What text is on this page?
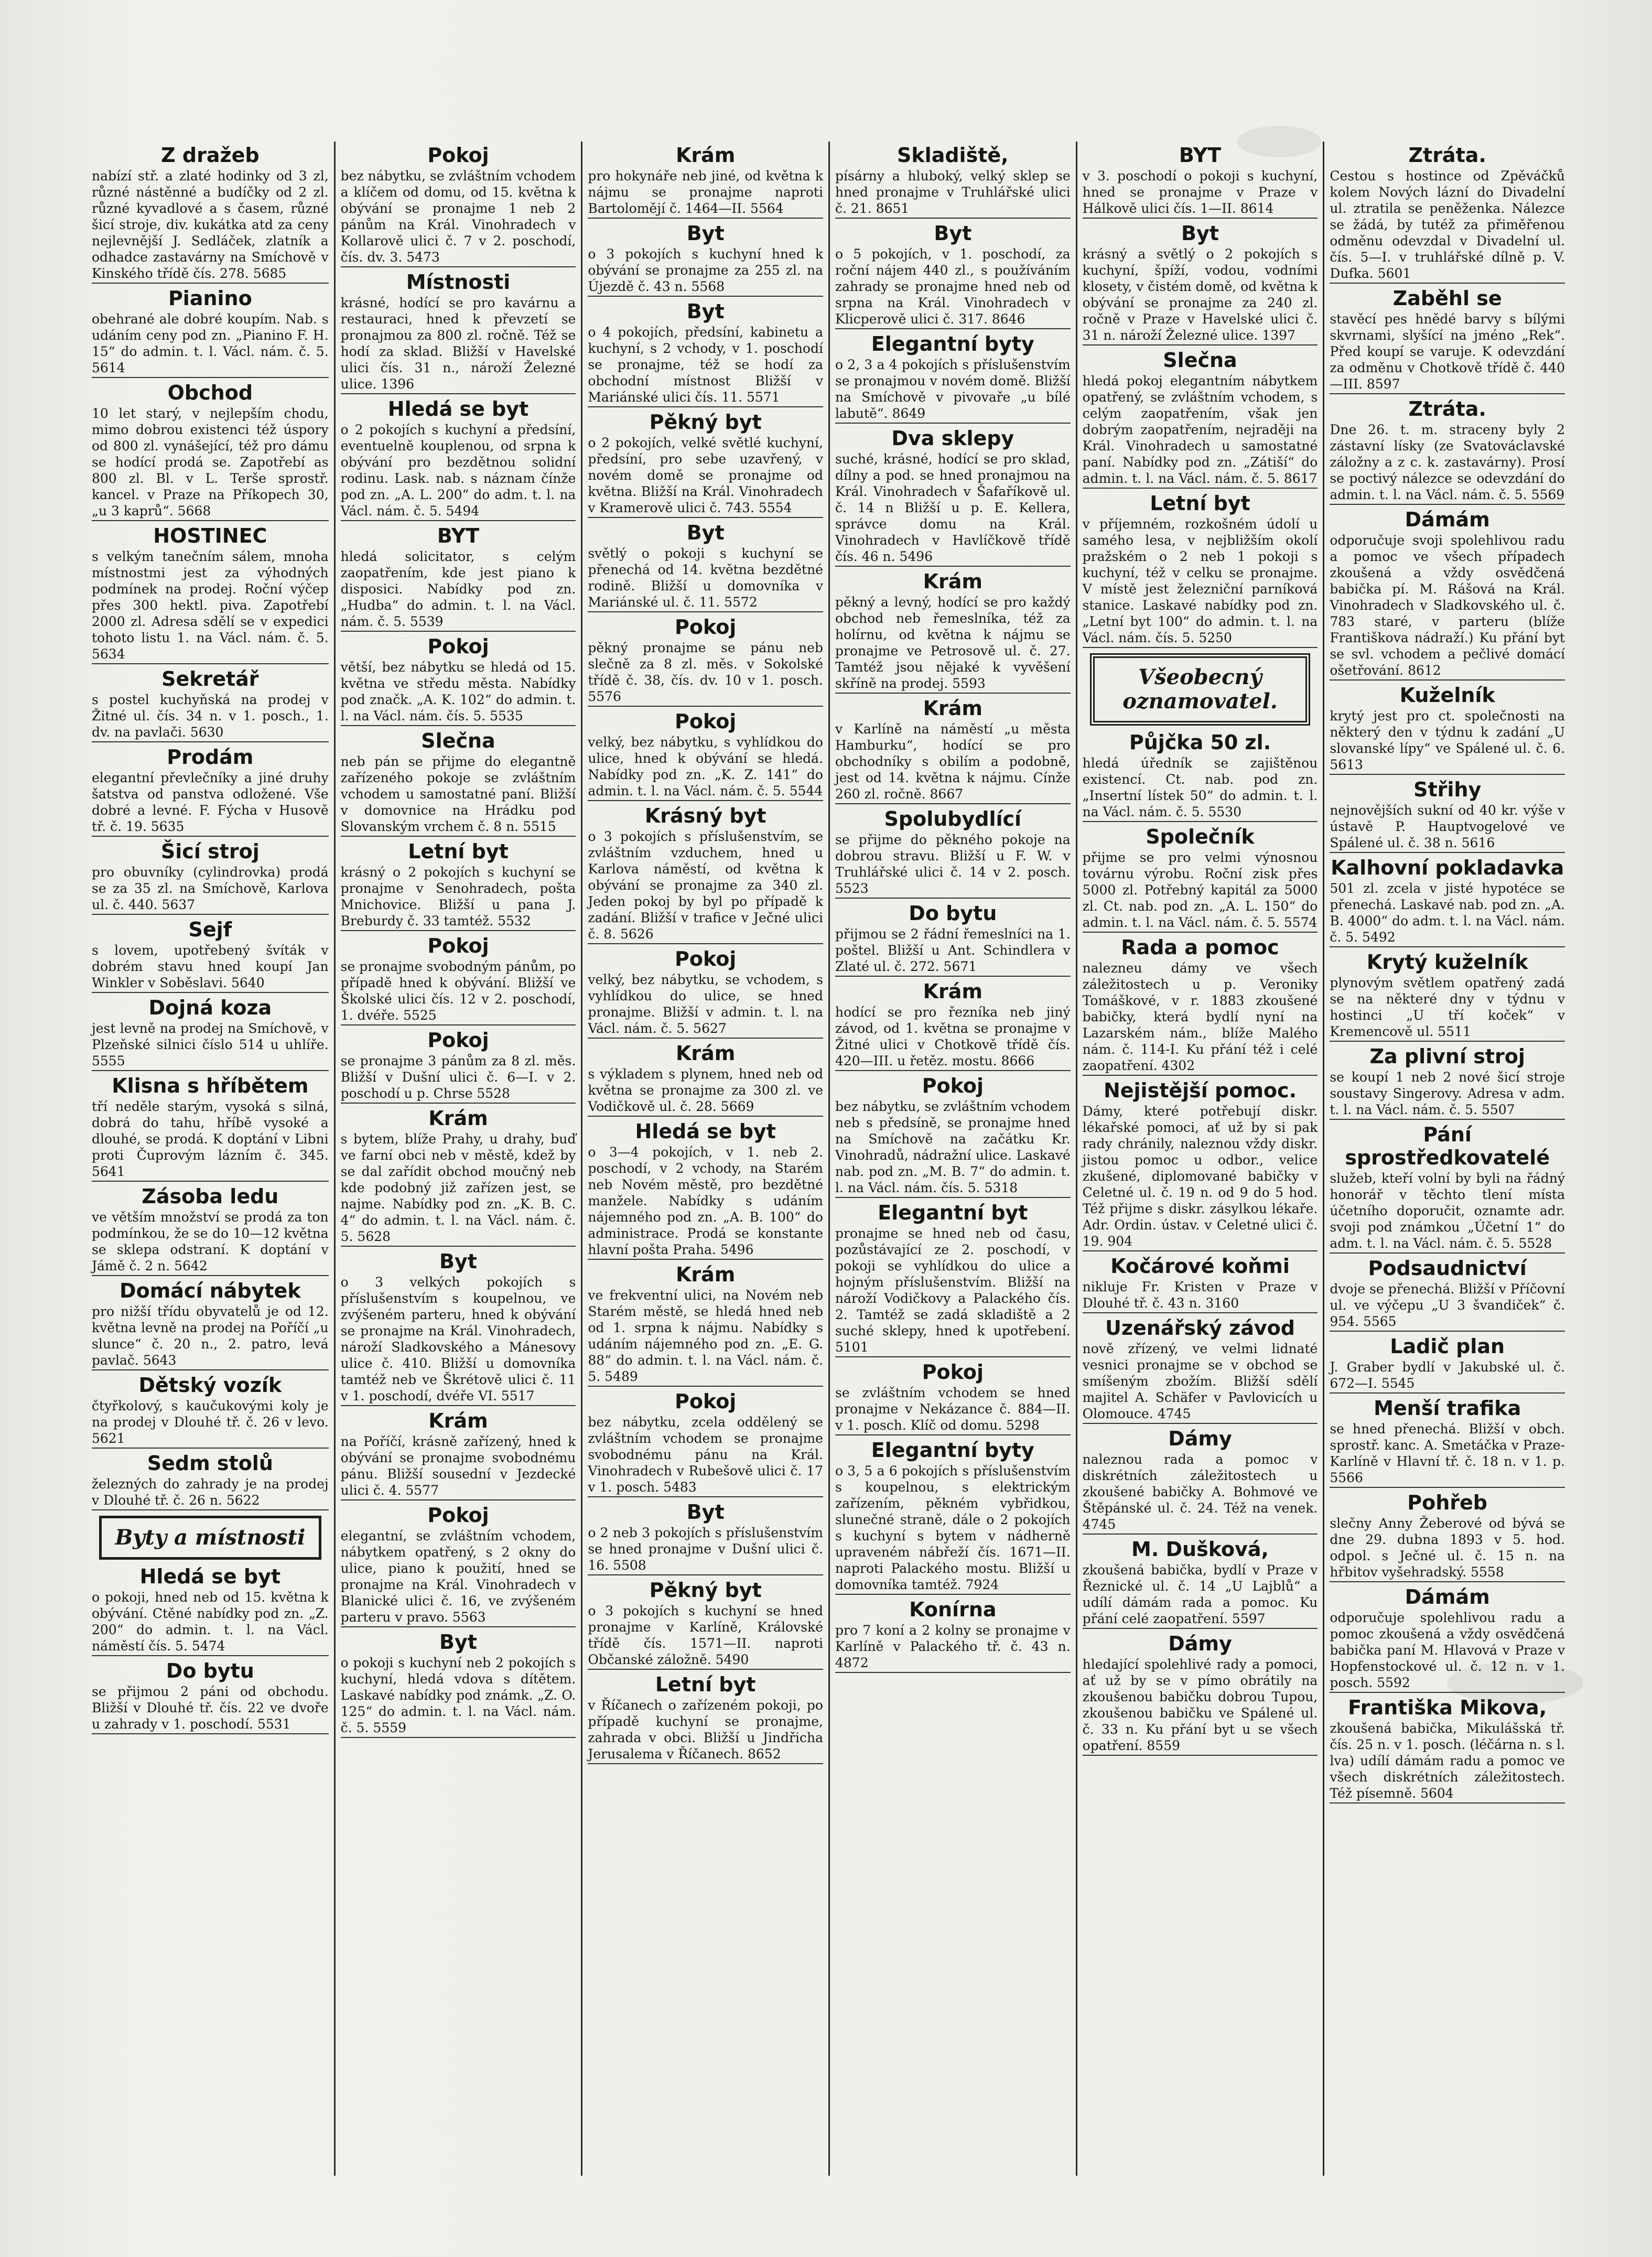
Z dražeb
nabízí stř. a zlaté hodinky od 3 zl, různé nástěnné a budíčky od 2 zl. různé kyvadlové a s časem, různé šicí stroje, div. kukátka atd za ceny nejlevnější J. Sedláček, zlatník a odhadce zastavárny na Smíchově v Kinského třídě čís. 278. 5685
Pianino
obehrané ale dobré koupím. Nab. s udáním ceny pod zn. „Pianino F. H. 15“ do admin. t. l. Václ. nám. č. 5. 5614
Obchod
10 let starý, v nejlepším chodu, mimo dobrou existenci též úspory od 800 zl. vynášející, též pro dámu se hodící prodá se. Zapotřebí as 800 zl. Bl. v L. Terše sprostř. kancel. v Praze na Příkopech 30, „u 3 kaprů“. 5668
HOSTINEC
s velkým tanečním sálem, mnoha místnostmi jest za výhodných podmínek na prodej. Roční výčep přes 300 hektl. piva. Zapotřebí 2000 zl. Adresa sdělí se v expedici tohoto listu 1. na Václ. nám. č. 5. 5634
Sekretář
s postel kuchyňská na prodej v Žitné ul. čís. 34 n. v 1. posch., 1. dv. na pavlači. 5630
Prodám
elegantní převlečníky a jiné druhy šatstva od panstva odložené. Vše dobré a levné. F. Fýcha v Husově tř. č. 19. 5635
Šicí stroj
pro obuvníky (cylindrovka) prodá se za 35 zl. na Smíchově, Karlova ul. č. 440. 5637
Sejf
s lovem, upotřebený švíták v dobrém stavu hned koupí Jan Winkler v Soběslavi. 5640
Dojná koza
jest levně na prodej na Smíchově, v Plzeňské silnici číslo 514 u uhlíře. 5555
Klisna s hříbětem
tří neděle starým, vysoká s silná, dobrá do tahu, hříbě vysoké a dlouhé, se prodá. K doptání v Libni proti Čuprovým lázním č. 345. 5641
Zásoba ledu
ve větším množství se prodá za ton podmínkou, že se do 10—12 května se sklepa odstraní. K doptání v Jámě č. 2 n. 5642
Domácí nábytek
pro nižší třídu obyvatelů je od 12. května levně na prodej na Poříčí „u slunce“ č. 20 n., 2. patro, levá pavlač. 5643
Dětský vozík
čtyřkolový, s kaučukovými koly je na prodej v Dlouhé tř. č. 26 v levo. 5621
Sedm stolů
železných do zahrady je na prodej v Dlouhé tř. č. 26 n. 5622
Byty a místnosti
Hledá se byt
o pokoji, hned neb od 15. května k obývání. Ctěné nabídky pod zn. „Z. 200“ do admin. t. l. na Václ. náměstí čís. 5. 5474
Do bytu
se přijmou 2 páni od obchodu. Bližší v Dlouhé tř. čís. 22 ve dvoře u zahrady v 1. poschodí. 5531
Pokoj
bez nábytku, se zvláštním vchodem a klíčem od domu, od 15. května k obývání se pronajme 1 neb 2 pánům na Král. Vinohradech v Kollarově ulici č. 7 v 2. poschodí, čís. dv. 3. 5473
Místnosti
krásné, hodící se pro kavárnu a restauraci, hned k převzetí se pronajmou za 800 zl. ročně. Též se hodí za sklad. Bližší v Havelské ulici čís. 31 n., nároží Železné ulice. 1396
Hledá se byt
o 2 pokojích s kuchyní a předsíní, eventuelně kouplenou, od srpna k obývání pro bezdětnou solidní rodinu. Lask. nab. s náznam čínže pod zn. „A. L. 200“ do adm. t. l. na Václ. nám. č. 5. 5494
BYT
hledá solicitator, s celým zaopatřením, kde jest piano k disposici. Nabídky pod zn. „Hudba“ do admin. t. l. na Václ. nám. č. 5. 5539
Pokoj
větší, bez nábytku se hledá od 15. května ve středu města. Nabídky pod značk. „A. K. 102“ do admin. t. l. na Václ. nám. čís. 5. 5535
Slečna
neb pán se přijme do elegantně zařízeného pokoje se zvláštním vchodem u samostatné paní. Bližší v domovnice na Hrádku pod Slovanským vrchem č. 8 n. 5515
Letní byt
krásný o 2 pokojích s kuchyní se pronajme v Senohradech, pošta Mnichovice. Bližší u pana J. Breburdy č. 33 tamtéž. 5532
Pokoj
se pronajme svobodným pánům, po případě hned k obývání. Bližší ve Školské ulici čís. 12 v 2. poschodí, 1. dvéře. 5525
Pokoj
se pronajme 3 pánům za 8 zl. měs. Bližší v Dušní ulici č. 6—I. v 2. poschodí u p. Chrse 5528
Krám
s bytem, blíže Prahy, u drahy, buď ve farní obci neb v městě, kdež by se dal zařídit obchod moučný neb kde podobný již zařízen jest, se najme. Nabídky pod zn. „K. B. C. 4“ do admin. t. l. na Václ. nám. č. 5. 5628
Byt
o 3 velkých pokojích s příslušenstvím s koupelnou, ve zvýšeném parteru, hned k obývání se pronajme na Král. Vinohradech, nároží Sladkovského a Mánesovy ulice č. 410. Bližší u domovníka tamtéž neb ve Škrétově ulici č. 11 v 1. poschodí, dvéře VI. 5517
Krám
na Poříčí, krásně zařízený, hned k obývání se pronajme svobodnému pánu. Bližší sousední v Jezdecké ulici č. 4. 5577
Pokoj
elegantní, se zvláštním vchodem, nábytkem opatřený, s 2 okny do ulice, piano k použití, hned se pronajme na Král. Vinohradech v Blanické ulici č. 16, ve zvýšeném parteru v pravo. 5563
Byt
o pokoji s kuchyní neb 2 pokojích s kuchyní, hledá vdova s dítětem. Laskavé nabídky pod známk. „Z. O. 125“ do admin. t. l. na Václ. nám. č. 5. 5559
Krám
pro hokynáře neb jiné, od května k nájmu se pronajme naproti Bartolomějí č. 1464—II. 5564
Byt
o 3 pokojích s kuchyní hned k obývání se pronajme za 255 zl. na Újezdě č. 43 n. 5568
Byt
o 4 pokojích, předsíní, kabinetu a kuchyní, s 2 vchody, v 1. poschodí se pronajme, též se hodí za obchodní místnost Bližší v Mariánské ulici čís. 11. 5571
Pěkný byt
o 2 pokojích, velké světlé kuchyní, předsíní, pro sebe uzavřený, v novém domě se pronajme od května. Bližší na Král. Vinohradech v Kramerově ulici č. 743. 5554
Byt
světlý o pokoji s kuchyní se přenechá od 14. května bezdětné rodině. Bližší u domovníka v Mariánské ul. č. 11. 5572
Pokoj
pěkný pronajme se pánu neb slečně za 8 zl. měs. v Sokolské třídě č. 38, čís. dv. 10 v 1. posch. 5576
Pokoj
velký, bez nábytku, s vyhlídkou do ulice, hned k obývání se hledá. Nabídky pod zn. „K. Z. 141“ do admin. t. l. na Václ. nám. č. 5. 5544
Krásný byt
o 3 pokojích s příslušenstvím, se zvláštním vzduchem, hned u Karlova náměstí, od května k obývání se pronajme za 340 zl. Jeden pokoj by byl po případě k zadání. Bližší v trafice v Ječné ulici č. 8. 5626
Pokoj
velký, bez nábytku, se vchodem, s vyhlídkou do ulice, se hned pronajme. Bližší v admin. t. l. na Václ. nám. č. 5. 5627
Krám
s výkladem s plynem, hned neb od května se pronajme za 300 zl. ve Vodičkově ul. č. 28. 5669
Hledá se byt
o 3—4 pokojích, v 1. neb 2. poschodí, v 2 vchody, na Starém neb Novém městě, pro bezdětné manžele. Nabídky s udáním nájemného pod zn. „A. B. 100“ do administrace. Prodá se konstante hlavní pošta Praha. 5496
Krám
ve frekventní ulici, na Novém neb Starém městě, se hledá hned neb od 1. srpna k nájmu. Nabídky s udáním nájemného pod zn. „E. G. 88“ do admin. t. l. na Václ. nám. č. 5. 5489
Pokoj
bez nábytku, zcela oddělený se zvláštním vchodem se pronajme svobodnému pánu na Král. Vinohradech v Rubešově ulici č. 17 v 1. posch. 5483
Byt
o 2 neb 3 pokojích s příslušenstvím se hned pronajme v Dušní ulici č. 16. 5508
Pěkný byt
o 3 pokojích s kuchyní se hned pronajme v Karlíně, Královské třídě čís. 1571—II. naproti Občanské záložně. 5490
Letní byt
v Říčanech o zařízeném pokoji, po případě kuchyní se pronajme, zahrada v obci. Bližší u Jindřicha Jerusalema v Říčanech. 8652
Skladiště,
písárny a hluboký, velký sklep se hned pronajme v Truhlářské ulici č. 21. 8651
Byt
o 5 pokojích, v 1. poschodí, za roční nájem 440 zl., s používáním zahrady se pronajme hned neb od srpna na Král. Vinohradech v Klicperově ulici č. 317. 8646
Elegantní byty
o 2, 3 a 4 pokojích s příslušenstvím se pronajmou v novém domě. Bližší na Smíchově v pivovaře „u bílé labutě“. 8649
Dva sklepy
suché, krásné, hodící se pro sklad, dílny a pod. se hned pronajmou na Král. Vinohradech v Šafaříkově ul. č. 14 n Bližší u p. E. Kellera, správce domu na Král. Vinohradech v Havlíčkově třídě čís. 46 n. 5496
Krám
pěkný a levný, hodící se pro každý obchod neb řemeslníka, též za holírnu, od května k nájmu se pronajme ve Petrosově ul. č. 27. Tamtéž jsou nějaké k vyvěšení skříně na prodej. 5593
Krám
v Karlíně na náměstí „u města Hamburku“, hodící se pro obchodníky s obilím a podobně, jest od 14. května k nájmu. Cínže 260 zl. ročně. 8667
Spolubydlící
se přijme do pěkného pokoje na dobrou stravu. Bližší u F. W. v Truhlářské ulici č. 14 v 2. posch. 5523
Do bytu
přijmou se 2 řádní řemeslníci na 1. poštel. Bližší u Ant. Schindlera v Zlaté ul. č. 272. 5671
Krám
hodící se pro řezníka neb jiný závod, od 1. května se pronajme v Žitné ulici v Chotkově třídě čís. 420—III. u řetěz. mostu. 8666
Pokoj
bez nábytku, se zvláštním vchodem neb s předsíně, se pronajme hned na Smíchově na začátku Kr. Vinohradů, nádražní ulice. Laskavé nab. pod zn. „M. B. 7“ do admin. t. l. na Václ. nám. čís. 5. 5318
Elegantní byt
pronajme se hned neb od času, pozůstávající ze 2. poschodí, v pokoji se vyhlídkou do ulice a hojným příslušenstvím. Bližší na nároží Vodičkovy a Palackého čís. 2. Tamtéž se zadá skladiště a 2 suché sklepy, hned k upotřebení. 5101
Pokoj
se zvláštním vchodem se hned pronajme v Nekázance č. 884—II. v 1. posch. Klíč od domu. 5298
Elegantní byty
o 3, 5 a 6 pokojích s příslušenstvím s koupelnou, s elektrickým zařízením, pěkném vybřidkou, slunečné straně, dále o 2 pokojích s kuchyní s bytem v nádherně upraveném nábřeží čís. 1671—II. naproti Palackého mostu. Bližší u domovníka tamtéž. 7924
Konírna
pro 7 koní a 2 kolny se pronajme v Karlíně v Palackého tř. č. 43 n. 4872
BYT
v 3. poschodí o pokoji s kuchyní, hned se pronajme v Praze v Hálkově ulici čís. 1—II. 8614
Byt
krásný a světlý o 2 pokojích s kuchyní, špíží, vodou, vodními klosety, v čistém domě, od května k obývání se pronajme za 240 zl. ročně v Praze v Havelské ulici č. 31 n. nároží Železné ulice. 1397
Slečna
hledá pokoj elegantním nábytkem opatřený, se zvláštním vchodem, s celým zaopatřením, však jen dobrým zaopatřením, nejraději na Král. Vinohradech u samostatné paní. Nabídky pod zn. „Zátiší“ do admin. t. l. na Václ. nám. č. 5. 8617
Letní byt
v příjemném, rozkošném údolí u samého lesa, v nejbližším okolí pražském o 2 neb 1 pokoji s kuchyní, též v celku se pronajme. V místě jest železniční parníková stanice. Laskavé nabídky pod zn. „Letní byt 100“ do admin. t. l. na Václ. nám. čís. 5. 5250
Všeobecný oznamovatel.
Půjčka 50 zl.
hledá úředník se zajištěnou existencí. Ct. nab. pod zn. „Insertní lístek 50“ do admin. t. l. na Václ. nám. č. 5. 5530
Společník
přijme se pro velmi výnosnou továrnu výrobu. Roční zisk přes 5000 zl. Potřebný kapitál za 5000 zl. Ct. nab. pod zn. „A. L. 150“ do admin. t. l. na Václ. nám. č. 5. 5574
Rada a pomoc
nalezneu dámy ve všech záležitostech u p. Veroniky Tomáškové, v r. 1883 zkoušené babičky, která bydlí nyní na Lazarském nám., blíže Malého nám. č. 114-I. Ku přání též i celé zaopatření. 4302
Nejistější pomoc.
Dámy, které potřebují diskr. lékařské pomoci, ať už by si pak rady chránily, naleznou vždy diskr. jistou pomoc u odbor., velice zkušené, diplomované babičky v Celetné ul. č. 19 n. od 9 do 5 hod. Též přijme s diskr. zásylkou lékaře. Adr. Ordin. ústav. v Celetné ulici č. 19. 904
Kočárové koňmi
nikluje Fr. Kristen v Praze v Dlouhé tř. č. 43 n. 3160
Uzenářský závod
nově zřízený, ve velmi lidnaté vesnici pronajme se v obchod se smíšeným zbožím. Bližší sdělí majitel A. Schäfer v Pavlovicích u Olomouce. 4745
Dámy
naleznou rada a pomoc v diskrétních záležitostech u zkoušené babičky A. Bohmové ve Štěpánské ul. č. 24. Též na venek. 4745
M. Dušková,
zkoušená babička, bydlí v Praze v Řeznické ul. č. 14 „U Lajblů“ a udílí dámám rada a pomoc. Ku přání celé zaopatření. 5597
Dámy
hledající spolehlivé rady a pomoci, ať už by se v pímo obrátily na zkoušenou babičku dobrou Tupou, zkoušenou babičku ve Spálené ul. č. 33 n. Ku přání byt u se všech opatření. 8559
Ztráta.
Cestou s hostince od Zpěváčků kolem Nových lázní do Divadelní ul. ztratila se peněženka. Nálezce se žádá, by tutéž za přiměřenou odměnu odevzdal v Divadelní ul. čís. 5—I. v truhlářské dílně p. V. Dufka. 5601
Zaběhl se
stavěcí pes hnědé barvy s bílými skvrnami, slyšící na jméno „Rek“. Před koupí se varuje. K odevzdání za odměnu v Chotkově třídě č. 440—III. 8597
Ztráta.
Dne 26. t. m. straceny byly 2 zástavní lísky (ze Svatováclavské záložny a z c. k. zastavárny). Prosí se poctivý nálezce se odevzdání do admin. t. l. na Václ. nám. č. 5. 5569
Dámám
odporučuje svoji spolehlivou radu a pomoc ve všech případech zkoušená a vždy osvědčená babička pí. M. Rášová na Král. Vinohradech v Sladkovského ul. č. 783 staré, v parteru (blíže Františkova nádraží.) Ku přání byt se svl. vchodem a pečlivé domácí ošetřování. 8612
Kuželník
krytý jest pro ct. společnosti na některý den v týdnu k zadání „U slovanské lípy“ ve Spálené ul. č. 6. 5613
Střihy
nejnovějších sukní od 40 kr. výše v ústavě P. Hauptvogelové ve Spálené ul. č. 38 n. 5616
Kalhovní pokladavka
501 zl. zcela v jisté hypotéce se přenechá. Laskavé nab. pod zn. „A. B. 4000“ do adm. t. l. na Václ. nám. č. 5. 5492
Krytý kuželník
plynovým světlem opatřený zadá se na některé dny v týdnu v hostinci „U tří koček“ v Kremencově ul. 5511
Za plivní stroj
se koupí 1 neb 2 nové šicí stroje soustavy Singerovy. Adresa v adm. t. l. na Václ. nám. č. 5. 5507
Pání sprostředkovatelé
služeb, kteří volní by byli na řádný honorář v těchto tlení místa účetního doporučit, oznamte adr. svoji pod známkou „Účetní 1“ do adm. t. l. na Václ. nám. č. 5. 5528
Podsaudnictví
dvoje se přenechá. Bližší v Příčovní ul. ve výčepu „U 3 švandiček“ č. 954. 5565
Ladič plan
J. Graber bydlí v Jakubské ul. č. 672—I. 5545
Menší trafika
se hned přenechá. Bližší v obch. sprostř. kanc. A. Smetáčka v Praze-Karlíně v Hlavní tř. č. 18 n. v 1. p. 5566
Pohřeb
slečny Anny Žeberové od bývá se dne 29. dubna 1893 v 5. hod. odpol. s Ječné ul. č. 15 n. na hřbitov vyšehradský. 5558
Dámám
odporučuje spolehlivou radu a pomoc zkoušená a vždy osvědčená babička paní M. Hlavová v Praze v Hopfenstockové ul. č. 12 n. v 1. posch. 5592
Františka Mikova,
zkoušená babička, Mikulášská tř. čís. 25 n. v 1. posch. (léčárna n. s l. lva) udílí dámám radu a pomoc ve všech diskrétních záležitostech. Též písemně. 5604
